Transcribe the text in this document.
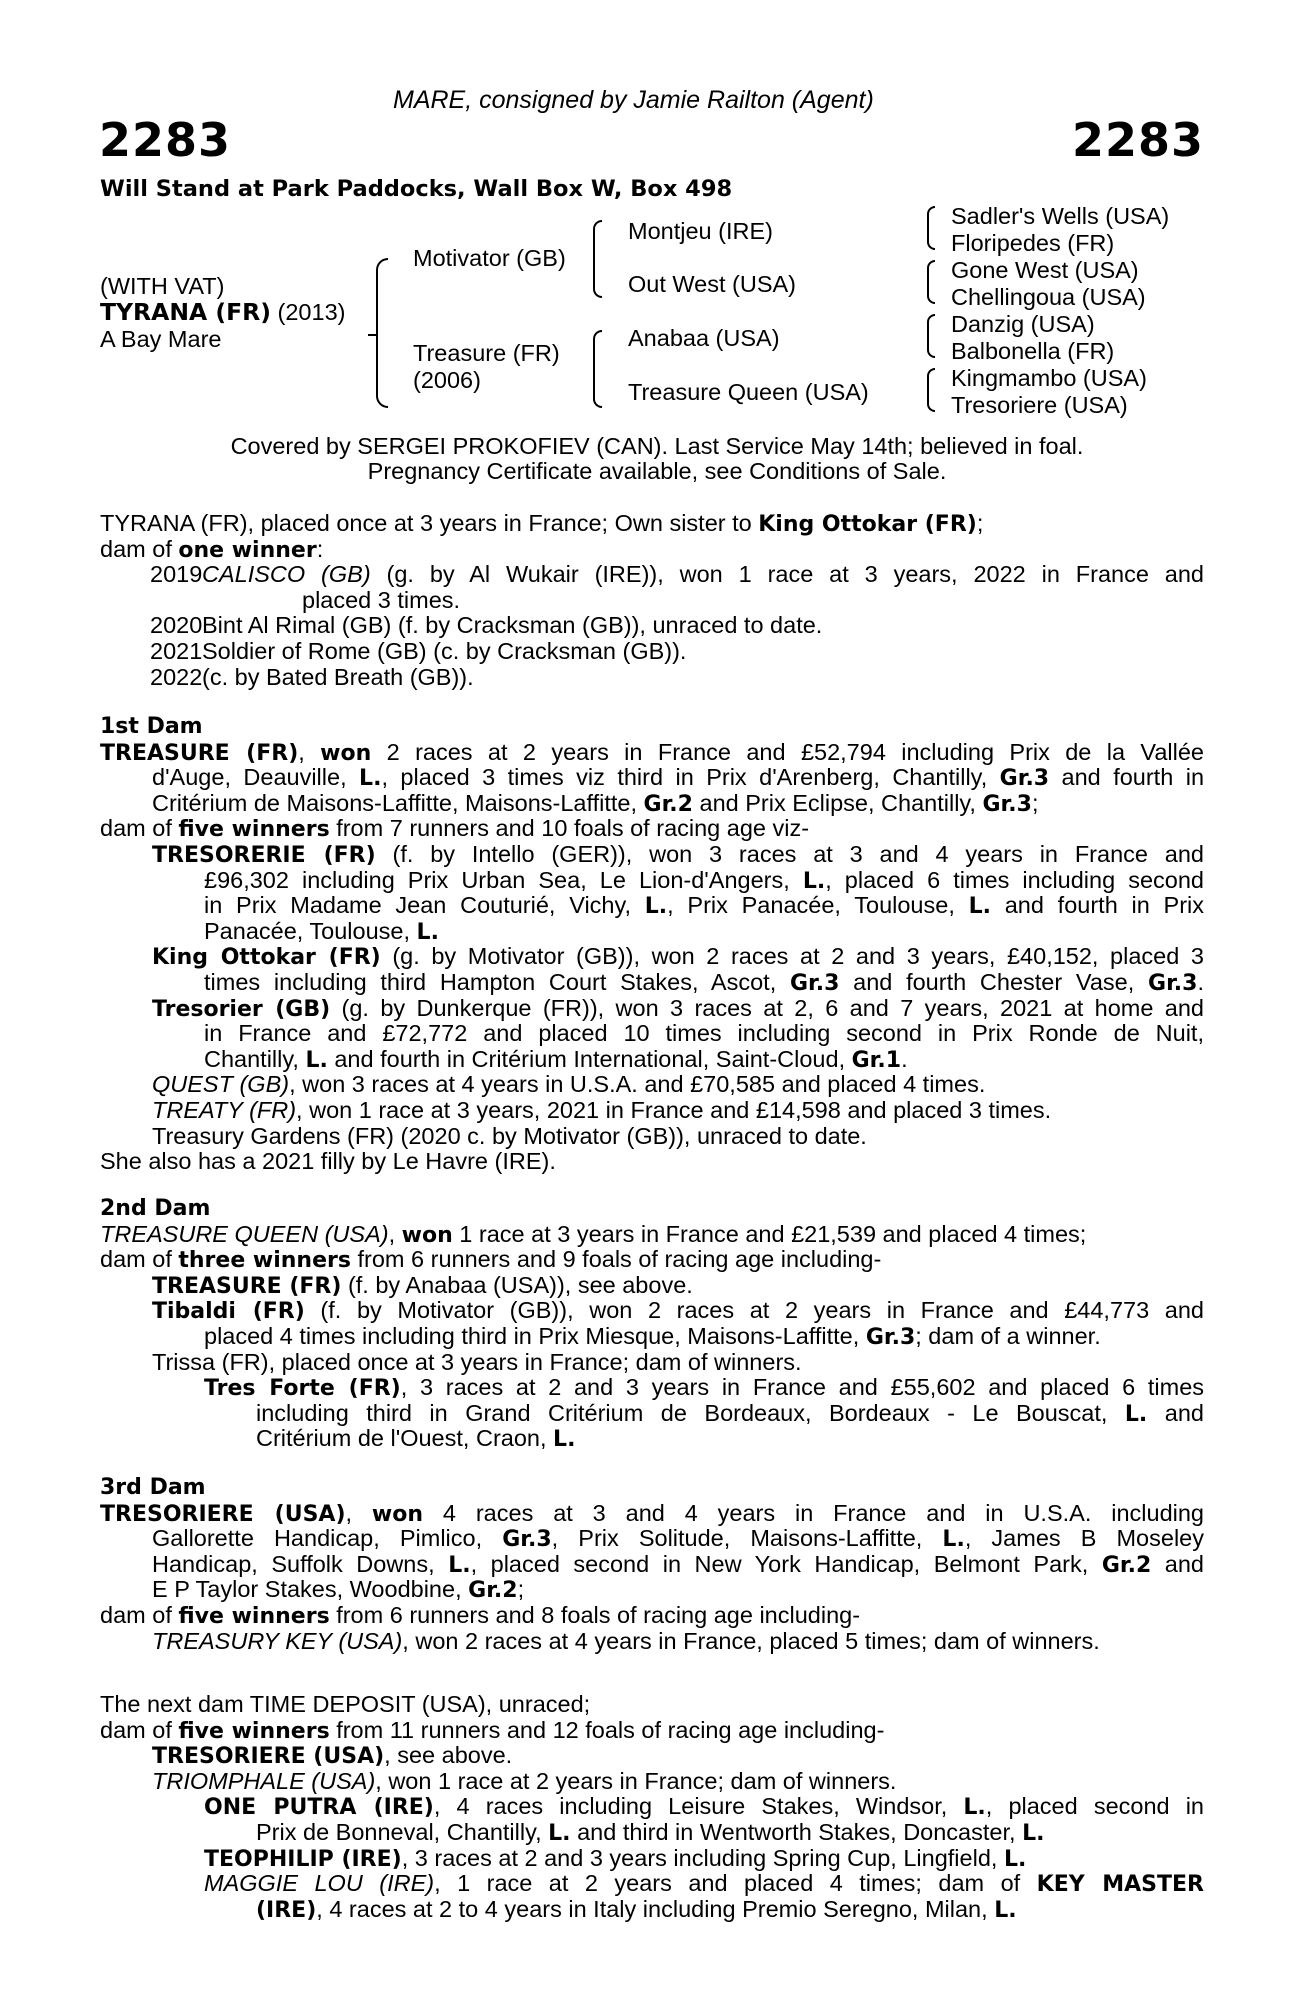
MARE, consigned by Jamie Railton (Agent)
2283	2283
Will Stand at Park Paddocks, Wall Box W, Box 498
(WITH VAT)
TYRANA (FR) (2013)
A Bay Mare
Motivator (GB)
Treasure (FR)
(2006)
Montjeu (IRE)
Out West (USA)
Anabaa (USA)
Treasure Queen (USA)
Sadler's Wells (USA)
Floripedes (FR)
Gone West (USA)
Chellingoua (USA)
Danzig (USA)
Balbonella (FR)
Kingmambo (USA)
Tresoriere (USA)
Covered by SERGEI PROKOFIEV (CAN). Last Service May 14th; believed in foal.
Pregnancy Certificate available, see Conditions of Sale.
TYRANA (FR), placed once at 3 years in France; Own sister to King Ottokar (FR);
dam of one winner:
2019CALISCO (GB) (g. by Al Wukair (IRE)), won 1 race at 3 years, 2022 in France and
placed 3 times.
2020Bint Al Rimal (GB) (f. by Cracksman (GB)), unraced to date.
2021Soldier of Rome (GB) (c. by Cracksman (GB)).
2022(c. by Bated Breath (GB)).
1st Dam
TREASURE (FR), won 2 races at 2 years in France and £52,794 including Prix de la Vallée
d'Auge, Deauville, L., placed 3 times viz third in Prix d'Arenberg, Chantilly, Gr.3 and fourth in
Critérium de Maisons-Laffitte, Maisons-Laffitte, Gr.2 and Prix Eclipse, Chantilly, Gr.3;
dam of five winners from 7 runners and 10 foals of racing age viz-
TRESORERIE (FR) (f. by Intello (GER)), won 3 races at 3 and 4 years in France and
£96,302 including Prix Urban Sea, Le Lion-d'Angers, L., placed 6 times including second
in Prix Madame Jean Couturié, Vichy, L., Prix Panacée, Toulouse, L. and fourth in Prix
Panacée, Toulouse, L.
King Ottokar (FR) (g. by Motivator (GB)), won 2 races at 2 and 3 years, £40,152, placed 3
times including third Hampton Court Stakes, Ascot, Gr.3 and fourth Chester Vase, Gr.3.
Tresorier (GB) (g. by Dunkerque (FR)), won 3 races at 2, 6 and 7 years, 2021 at home and
in France and £72,772 and placed 10 times including second in Prix Ronde de Nuit,
Chantilly, L. and fourth in Critérium International, Saint-Cloud, Gr.1.
QUEST (GB), won 3 races at 4 years in U.S.A. and £70,585 and placed 4 times.
TREATY (FR), won 1 race at 3 years, 2021 in France and £14,598 and placed 3 times.
Treasury Gardens (FR) (2020 c. by Motivator (GB)), unraced to date.
She also has a 2021 filly by Le Havre (IRE).
2nd Dam
TREASURE QUEEN (USA), won 1 race at 3 years in France and £21,539 and placed 4 times;
dam of three winners from 6 runners and 9 foals of racing age including-
TREASURE (FR) (f. by Anabaa (USA)), see above.
Tibaldi (FR) (f. by Motivator (GB)), won 2 races at 2 years in France and £44,773 and
placed 4 times including third in Prix Miesque, Maisons-Laffitte, Gr.3; dam of a winner.
Trissa (FR), placed once at 3 years in France; dam of winners.
Tres Forte (FR), 3 races at 2 and 3 years in France and £55,602 and placed 6 times
including third in Grand Critérium de Bordeaux, Bordeaux - Le Bouscat, L. and
Critérium de l'Ouest, Craon, L.
3rd Dam
TRESORIERE (USA), won 4 races at 3 and 4 years in France and in U.S.A. including
Gallorette Handicap, Pimlico, Gr.3, Prix Solitude, Maisons-Laffitte, L., James B Moseley
Handicap, Suffolk Downs, L., placed second in New York Handicap, Belmont Park, Gr.2 and
E P Taylor Stakes, Woodbine, Gr.2;
dam of five winners from 6 runners and 8 foals of racing age including-
TREASURY KEY (USA), won 2 races at 4 years in France, placed 5 times; dam of winners.
The next dam TIME DEPOSIT (USA), unraced;
dam of five winners from 11 runners and 12 foals of racing age including-
TRESORIERE (USA), see above.
TRIOMPHALE (USA), won 1 race at 2 years in France; dam of winners.
ONE PUTRA (IRE), 4 races including Leisure Stakes, Windsor, L., placed second in
Prix de Bonneval, Chantilly, L. and third in Wentworth Stakes, Doncaster, L.
TEOPHILIP (IRE), 3 races at 2 and 3 years including Spring Cup, Lingfield, L.
MAGGIE LOU (IRE), 1 race at 2 years and placed 4 times; dam of KEY MASTER
(IRE), 4 races at 2 to 4 years in Italy including Premio Seregno, Milan, L.
